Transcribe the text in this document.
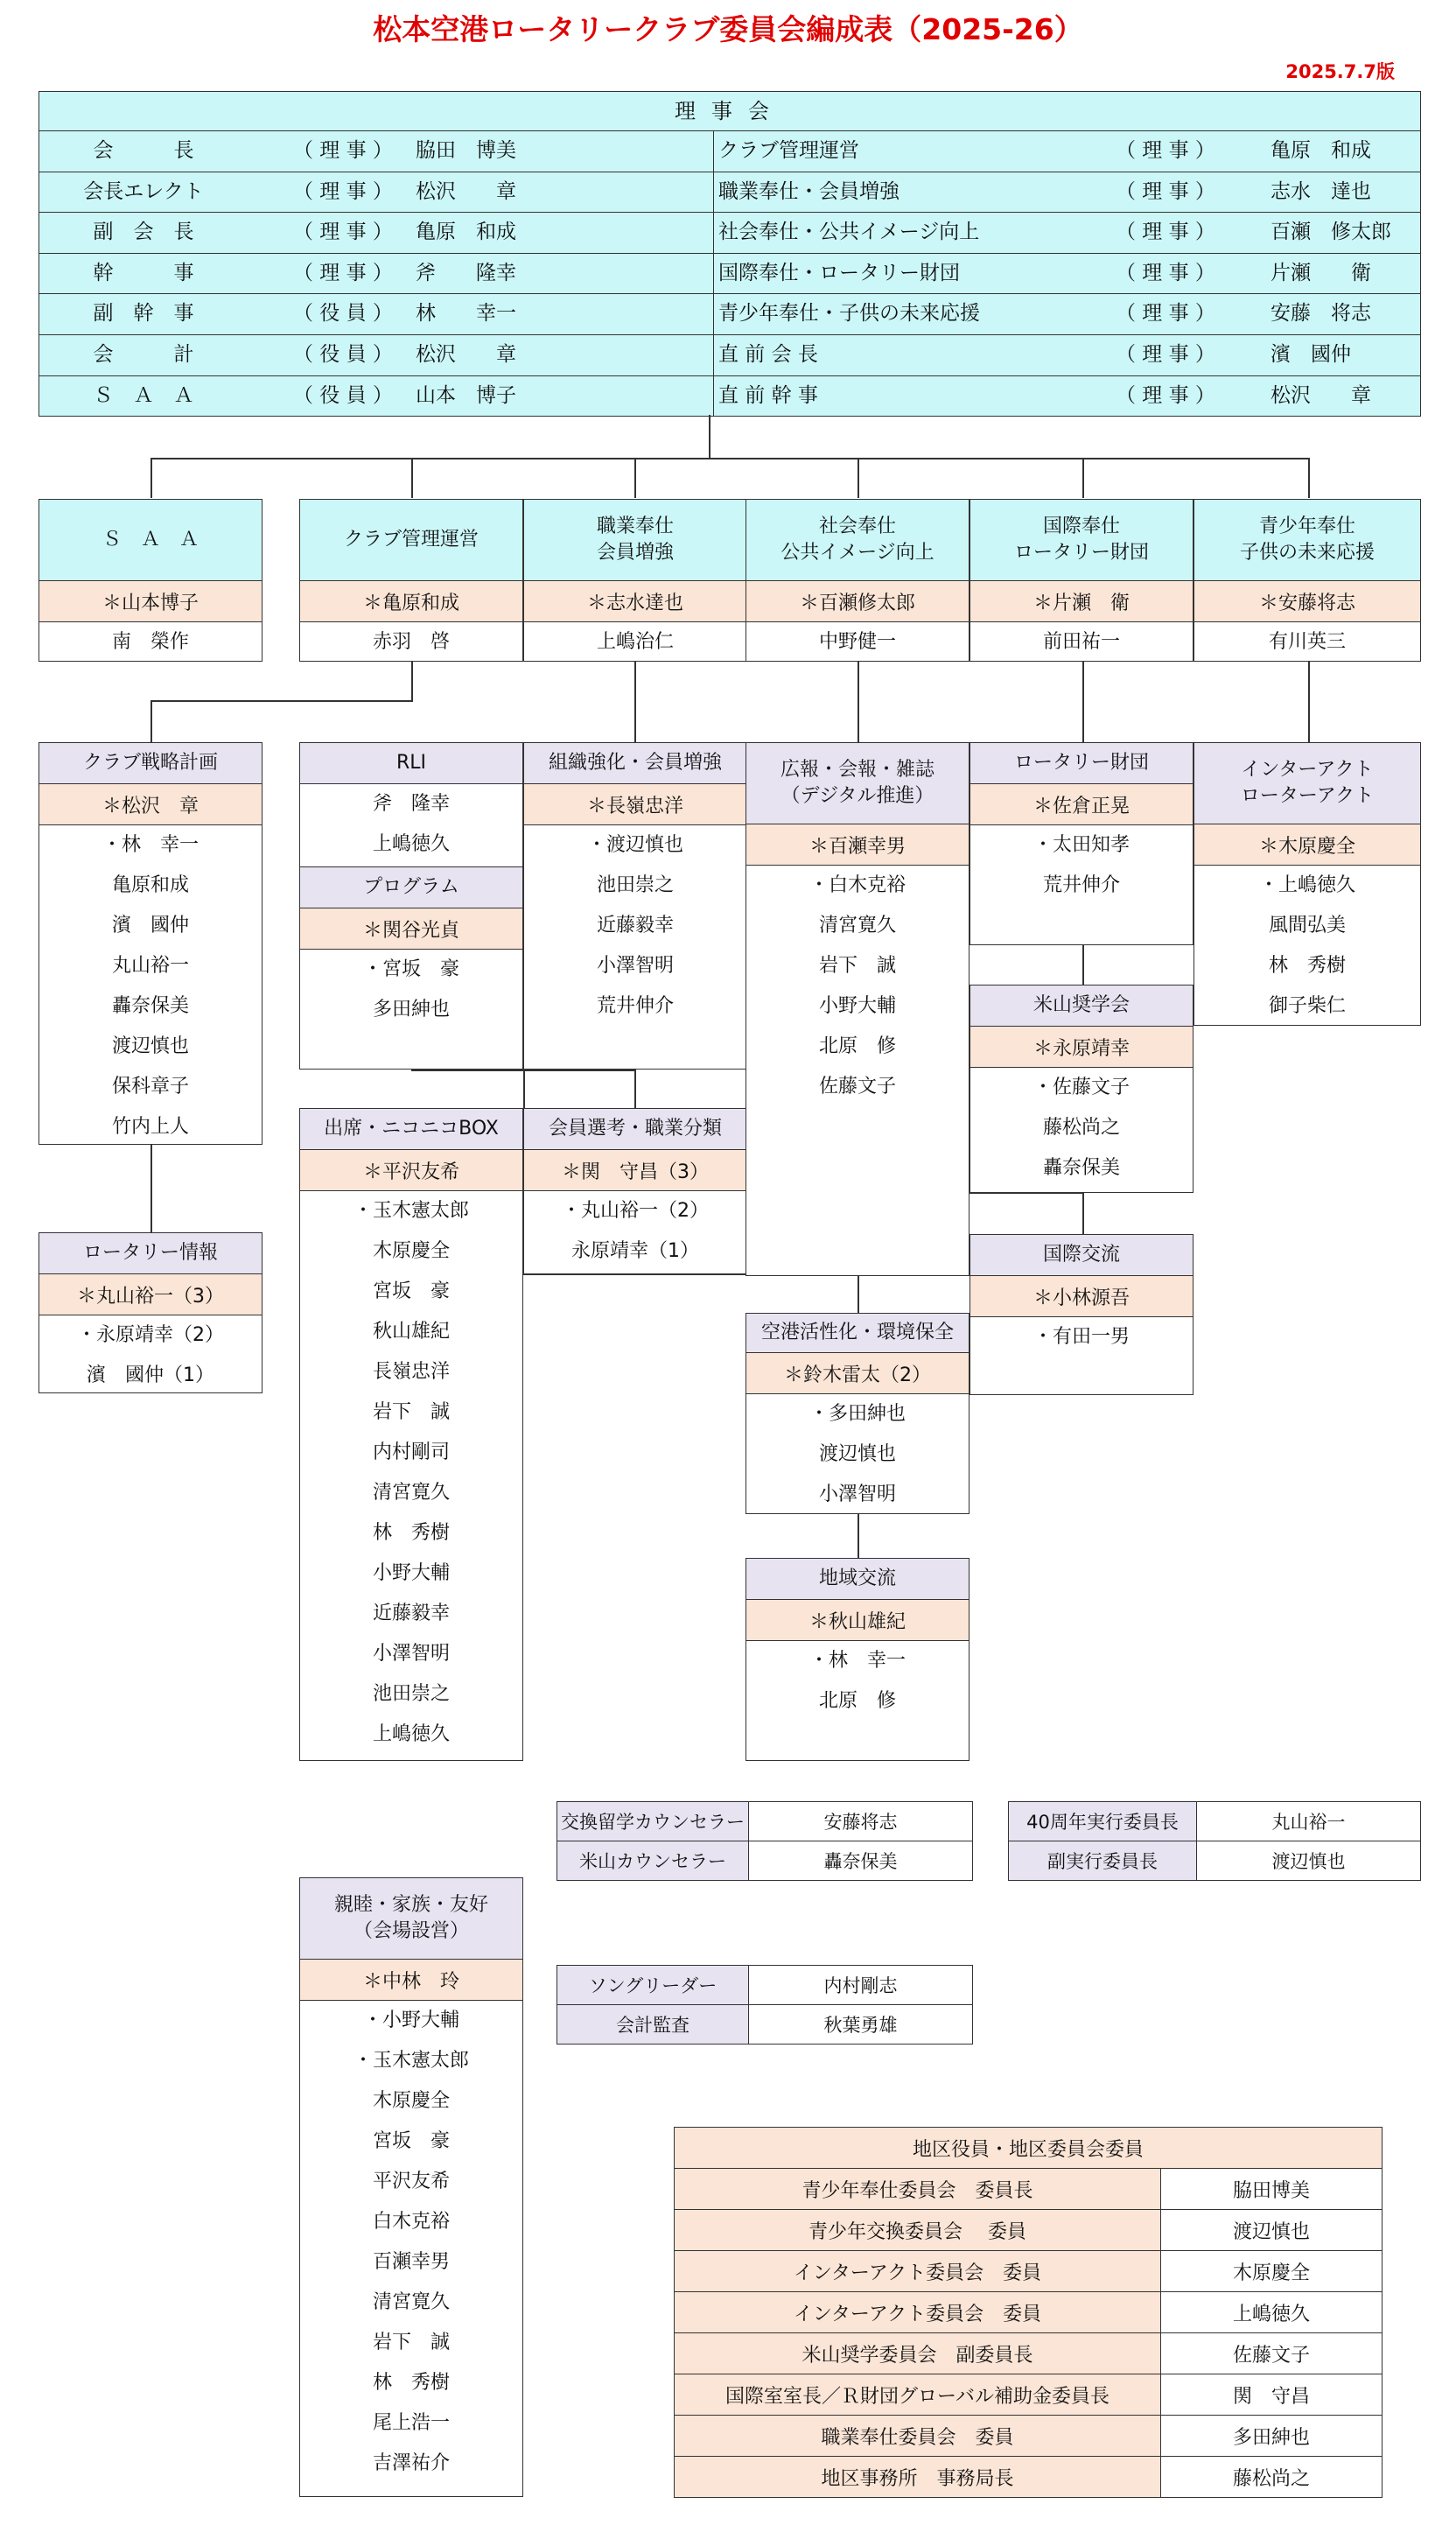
松本空港ロータリークラブ委員会編成表（2025-26）
2025.7.7版
理事会
会　　　長	（ 理 事 ） 脇田　博美	クラブ管理運営	（ 理 事 ）	亀原　和成
会長エレクト	（ 理 事 ） 松沢　　章	職業奉仕・会員増強	（ 理 事 ）	志水　達也
副　会　長	（ 理 事 ） 亀原　和成	社会奉仕・公共イメージ向上	（ 理 事 ）	百瀬　修太郎
幹　　　事	（ 理 事 ） 斧　　隆幸	国際奉仕・ロータリー財団	（ 理 事 ）	片瀬　　衛
副　幹　事	（ 役 員 ） 林　　幸一	青少年奉仕・子供の未来応援	（ 理 事 ）	安藤　将志
会　　　計	（ 役 員 ） 松沢　　章	直 前 会 長	（ 理 事 ）	濱　國仲
Ｓ　Ａ　Ａ	（ 役 員 ） 山本　博子	直 前 幹 事	（ 理 事 ）	松沢　　章
Ｓ　Ａ　Ａ
＊山本博子
南　榮作
クラブ管理運営
＊亀原和成
赤羽　啓
職業奉仕
会員増強
＊志水達也
上嶋治仁
社会奉仕
公共イメージ向上
＊百瀬修太郎
中野健一
国際奉仕
ロータリー財団
＊片瀬　衛
前田祐一
青少年奉仕
子供の未来応援
＊安藤将志
有川英三
クラブ戦略計画
＊松沢　章
・林　幸一
亀原和成
濱　國仲
丸山裕一
轟奈保美
渡辺慎也
保科章子
竹内上人
ロータリー情報
＊丸山裕一（3）
・永原靖幸（2）
濱　國仲（1）
RLI
斧　隆幸
上嶋徳久
プログラム
＊関谷光貞
・宮坂　豪
多田紳也
組織強化・会員増強
＊長嶺忠洋
・渡辺慎也
池田崇之
近藤毅幸
小澤智明
荒井伸介
出席・ニコニコBOX
＊平沢友希
・玉木憲太郎
木原慶全
宮坂　豪
秋山雄紀
長嶺忠洋
岩下　誠
内村剛司
清宮寛久
林　秀樹
小野大輔
近藤毅幸
小澤智明
池田崇之
上嶋徳久
会員選考・職業分類
＊関　守昌（3）
・丸山裕一（2）
永原靖幸（1）
広報・会報・雑誌
（デジタル推進）
＊百瀬幸男
・白木克裕
清宮寛久
岩下　誠
小野大輔
北原　修
佐藤文子
空港活性化・環境保全
＊鈴木雷太（2）
・多田紳也
渡辺慎也
小澤智明
地域交流
＊秋山雄紀
・林　幸一
北原　修
ロータリー財団
＊佐倉正晃
・太田知孝
荒井伸介
米山奨学会
＊永原靖幸
・佐藤文子
藤松尚之
轟奈保美
国際交流
＊小林源吾
・有田一男
インターアクト
ローターアクト
＊木原慶全
・上嶋徳久
風間弘美
林　秀樹
御子柴仁
親睦・家族・友好
（会場設営）
＊中林　玲
・小野大輔
・玉木憲太郎
木原慶全
宮坂　豪
平沢友希
白木克裕
百瀬幸男
清宮寛久
岩下　誠
林　秀樹
尾上浩一
吉澤祐介
交換留学カウンセラー	安藤将志
米山カウンセラー	轟奈保美
40周年実行委員長	丸山裕一
副実行委員長	渡辺慎也
ソングリーダー	内村剛志
会計監査	秋葉勇雄
地区役員・地区委員会委員
青少年奉仕委員会　委員長	脇田博美
青少年交換委員会　 委員	渡辺慎也
インターアクト委員会　委員	木原慶全
インターアクト委員会　委員	上嶋徳久
米山奨学委員会　副委員長	佐藤文子
国際室室長／Ｒ財団グローバル補助金委員長	関　守昌
職業奉仕委員会　委員	多田紳也
地区事務所　事務局長	藤松尚之
